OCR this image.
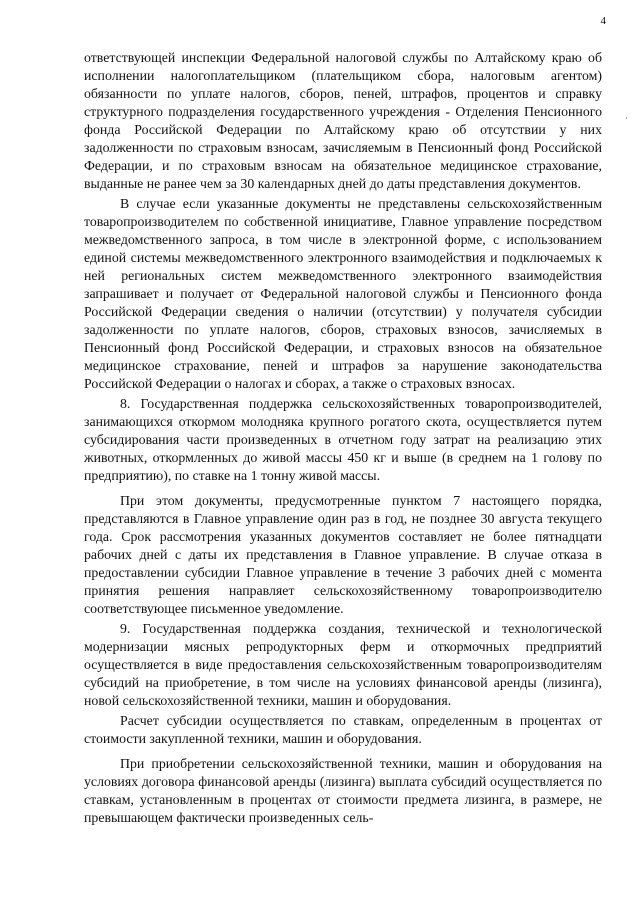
4
·

ответствующей инспекции Федеральной налоговой службы по Алтайскому краю об исполнении налогоплательщиком (плательщиком сбора, налоговым агентом) обязанности по уплате налогов, сборов, пеней, штрафов, процентов и справку структурного подразделения государственного учреждения - Отделения Пенсионного фонда Российской Федерации по Алтайскому краю об отсутствии у них задолженности по страховым взносам, зачисляемым в Пенсионный фонд Российской Федерации, и по страховым взносам на обязательное медицинское страхование, выданные не ранее чем за 30 календарных дней до даты представления документов.

В случае если указанные документы не представлены сельскохозяйственным товаропроизводителем по собственной инициативе, Главное управление посредством межведомственного запроса, в том числе в электронной форме, с использованием единой системы межведомственного электронного взаимодействия и подключаемых к ней региональных систем межведомственного электронного взаимодействия запрашивает и получает от Федеральной налоговой службы и Пенсионного фонда Российской Федерации сведения о наличии (отсутствии) у получателя субсидии задолженности по уплате налогов, сборов, страховых взносов, зачисляемых в Пенсионный фонд Российской Федерации, и страховых взносов на обязательное медицинское страхование, пеней и штрафов за нарушение законодательства Российской Федерации о налогах и сборах, а также о страховых взносах.

8. Государственная поддержка сельскохозяйственных товаропроизводителей, занимающихся откормом молодняка крупного рогатого скота, осуществляется путем субсидирования части произведенных в отчетном году затрат на реализацию этих животных, откормленных до живой массы 450 кг и выше (в среднем на 1 голову по предприятию), по ставке на 1 тонну живой массы.

При этом документы, предусмотренные пунктом 7 настоящего порядка, представляются в Главное управление один раз в год, не позднее 30 августа текущего года. Срок рассмотрения указанных документов составляет не более пятнадцати рабочих дней с даты их представления в Главное управление. В случае отказа в предоставлении субсидии Главное управление в течение 3 рабочих дней с момента принятия решения направляет сельскохозяйственному товаропроизводителю соответствующее письменное уведомление.

9. Государственная поддержка создания, технической и технологической модернизации мясных репродукторных ферм и откормочных предприятий осуществляется в виде предоставления сельскохозяйственным товаропроизводителям субсидий на приобретение, в том числе на условиях финансовой аренды (лизинга), новой сельскохозяйственной техники, машин и оборудования.

Расчет субсидии осуществляется по ставкам, определенным в процентах от стоимости закупленной техники, машин и оборудования.

При приобретении сельскохозяйственной техники, машин и оборудования на условиях договора финансовой аренды (лизинга) выплата субсидий осуществляется по ставкам, установленным в процентах от стоимости предмета лизинга, в размере, не превышающем фактически произведенных сель-
